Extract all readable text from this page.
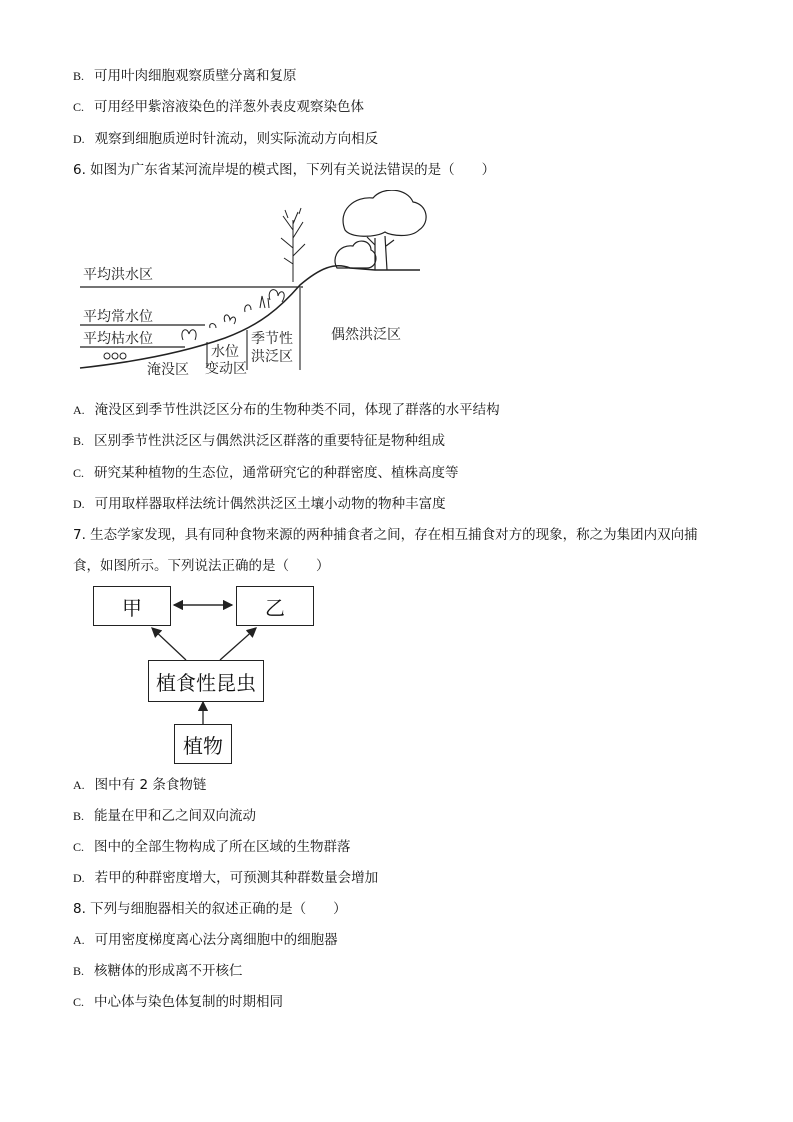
B. 可用叶肉细胞观察质壁分离和复原
C. 可用经甲紫溶液染色的洋葱外表皮观察染色体
D. 观察到细胞质逆时针流动，则实际流动方向相反
6. 如图为广东省某河流岸堤的模式图，下列有关说法错误的是（　　）
平均洪水区
平均常水位
平均枯水位
淹没区
水位
变动区
季节性
洪泛区
偶然洪泛区
A. 淹没区到季节性洪泛区分布的生物种类不同，体现了群落的水平结构
B. 区别季节性洪泛区与偶然洪泛区群落的重要特征是物种组成
C. 研究某种植物的生态位，通常研究它的种群密度、植株高度等
D. 可用取样器取样法统计偶然洪泛区土壤小动物的物种丰富度
7. 生态学家发现，具有同种食物来源的两种捕食者之间，存在相互捕食对方的现象，称之为集团内双向捕
食，如图所示。下列说法正确的是（　　）
甲	乙
植食性昆虫
植物
A. 图中有 2 条食物链
B. 能量在甲和乙之间双向流动
C. 图中的全部生物构成了所在区域的生物群落
D. 若甲的种群密度增大，可预测其种群数量会增加
8. 下列与细胞器相关的叙述正确的是（　　）
A. 可用密度梯度离心法分离细胞中的细胞器
B. 核糖体的形成离不开核仁
C. 中心体与染色体复制的时期相同
